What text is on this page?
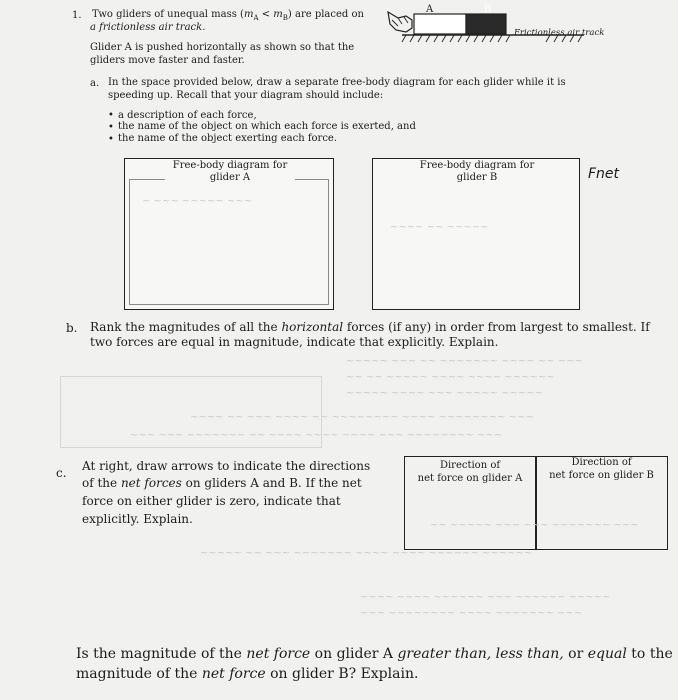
1. Two gliders of unequal mass $(m_A < m_B)$ are placed on
a frictionless air track.
Glider A is pushed horizontally as shown so that the
gliders move faster and faster.
A	B
Frictionless air track
a. In the space provided below, draw a separate free-body diagram for each glider while it is
speeding up. Recall that your diagram should include:
• a description of each force,
• the name of the object on which each force is exerted, and
• the name of the object exerting each force.
Free-body diagram for
glider A
Free-body diagram for
glider B	Fnet
~ ~~~ ~~~~~ ~~~
~~~~ ~~ ~~~~~
b. Rank the magnitudes of all the horizontal forces (if any) in order from largest to smallest. If
two forces are equal in magnitude, indicate that explicitly. Explain.
~~~~~ ~~~ ~~ ~~~~~~~ ~~~~ ~~ ~~~
~~ ~~ ~~~~~ ~~~~ ~~~~ ~~~~~~
~~~~~ ~~~~ ~~~ ~~~~~ ~~~~~
~~~~ ~~ ~~~ ~~~~ ~~ ~~~~~~~~ ~~~~ ~~~~~~~~ ~~~
~~~ ~~~ ~~~~~~~ ~~ ~~~~ ~~~~ ~~~~ ~~~ ~~~~~~~~ ~~~
c. At right, draw arrows to indicate the directions
of the net forces on gliders A and B. If the net
force on either glider is zero, indicate that
explicitly. Explain.
Direction of
net force on glider A
Direction of
net force on glider B
~~ ~~~~~ ~~~ ~~~ ~~~~~~~ ~~~
~~~~~ ~~ ~~~ ~~~~~~~ ~~~~ ~~~~ ~~~~~~ ~~~~~~
~~~~ ~~~~ ~~~~~~ ~~~ ~~~~~~ ~~~~~
~~~ ~~~~~~~~ ~~~~ ~~~~~~~ ~~~
Is the magnitude of the net force on glider A greater than, less than, or equal to the
magnitude of the net force on glider B? Explain.
